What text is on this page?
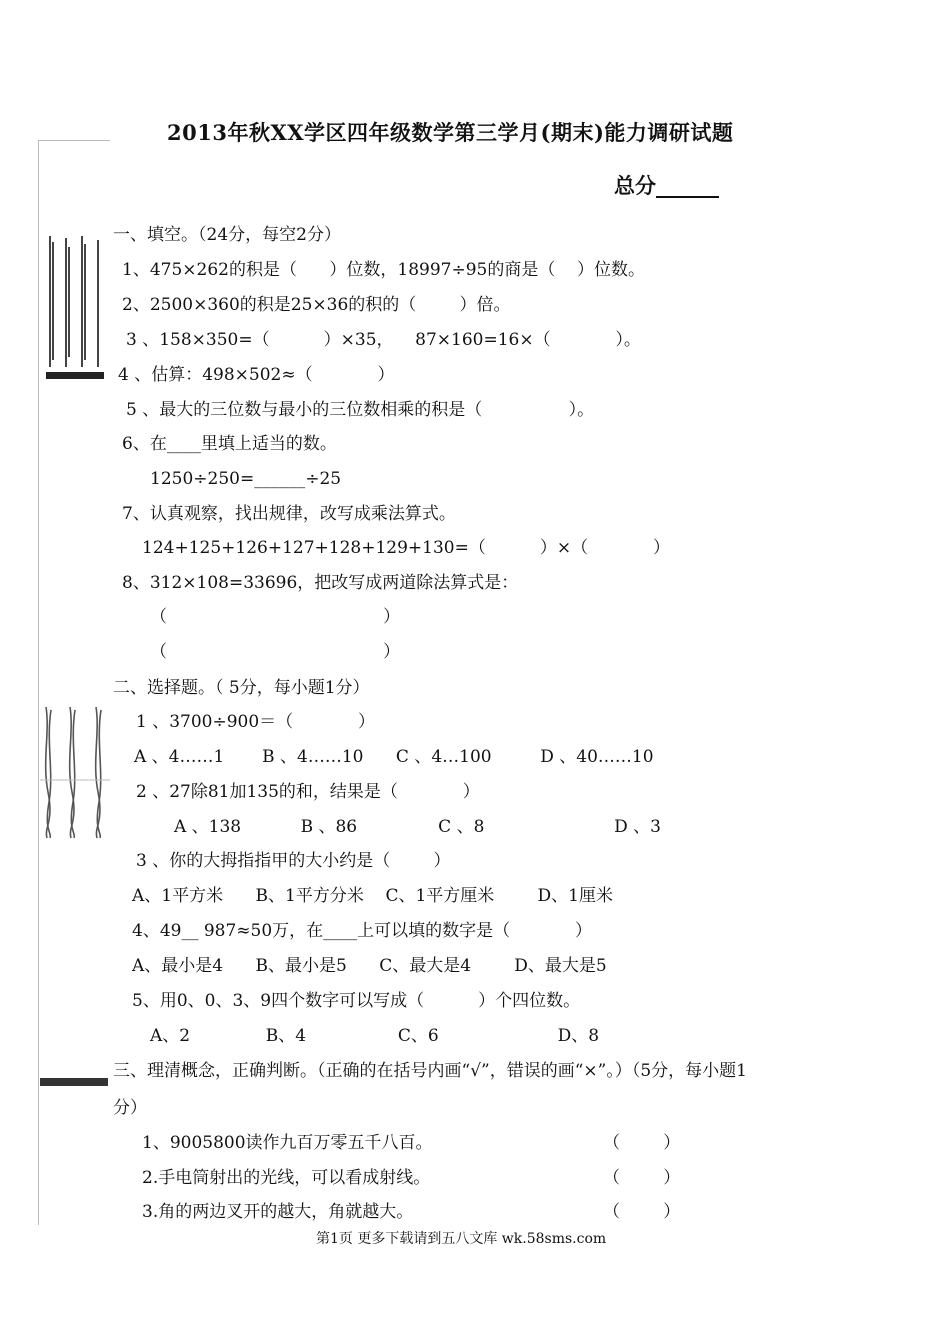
2013年秋XX学区四年级数学第三学月(期末)能力调研试题
总分______
一、填空。（24分，每空2分）
1、475×262的积是（      ）位数，18997÷95的商是（    ）位数。
2、2500×360的积是25×36的积的（        ）倍。
3 、158×350=（          ）×35，    87×160=16×（            ）。
4 、估算：498×502≈（            ）
5 、最大的三位数与最小的三位数相乘的积是（                ）。
6、在____里填上适当的数。
1250÷250=______÷25
7、认真观察，找出规律，改写成乘法算式。
124+125+126+127+128+129+130=（          ）×（            ）
8、312×108=33696，把改写成两道除法算式是：
（                                        ）
（                                        ）
二、选择题。（ 5分，每小题1分）
1 、3700÷900＝（            ）
A 、4……1       B 、4……10      C 、4…100         D 、40……10
2 、27除81加135的和，结果是（            ）
A 、138           B 、86               C 、8                        D 、3
3 、你的大拇指指甲的大小约是（        ）
A、1平方米      B、1平方分米    C、1平方厘米        D、1厘米
4、49__ 987≈50万，在____上可以填的数字是（            ）
A、最小是4      B、最小是5      C、最大是4        D、最大是5
5、用0、0、3、9四个数字可以写成（          ）个四位数。
A、2              B、4                 C、6                      D、8
三、理清概念，正确判断。（正确的在括号内画“√”，错误的画“×”。）（5分，每小题1
分）
1、9005800读作九百万零五千八百。	（        ）
2.手电筒射出的光线，可以看成射线。	（        ）
3.角的两边叉开的越大，角就越大。	（        ）
第1页 更多下载请到五八文库 wk.58sms.com
